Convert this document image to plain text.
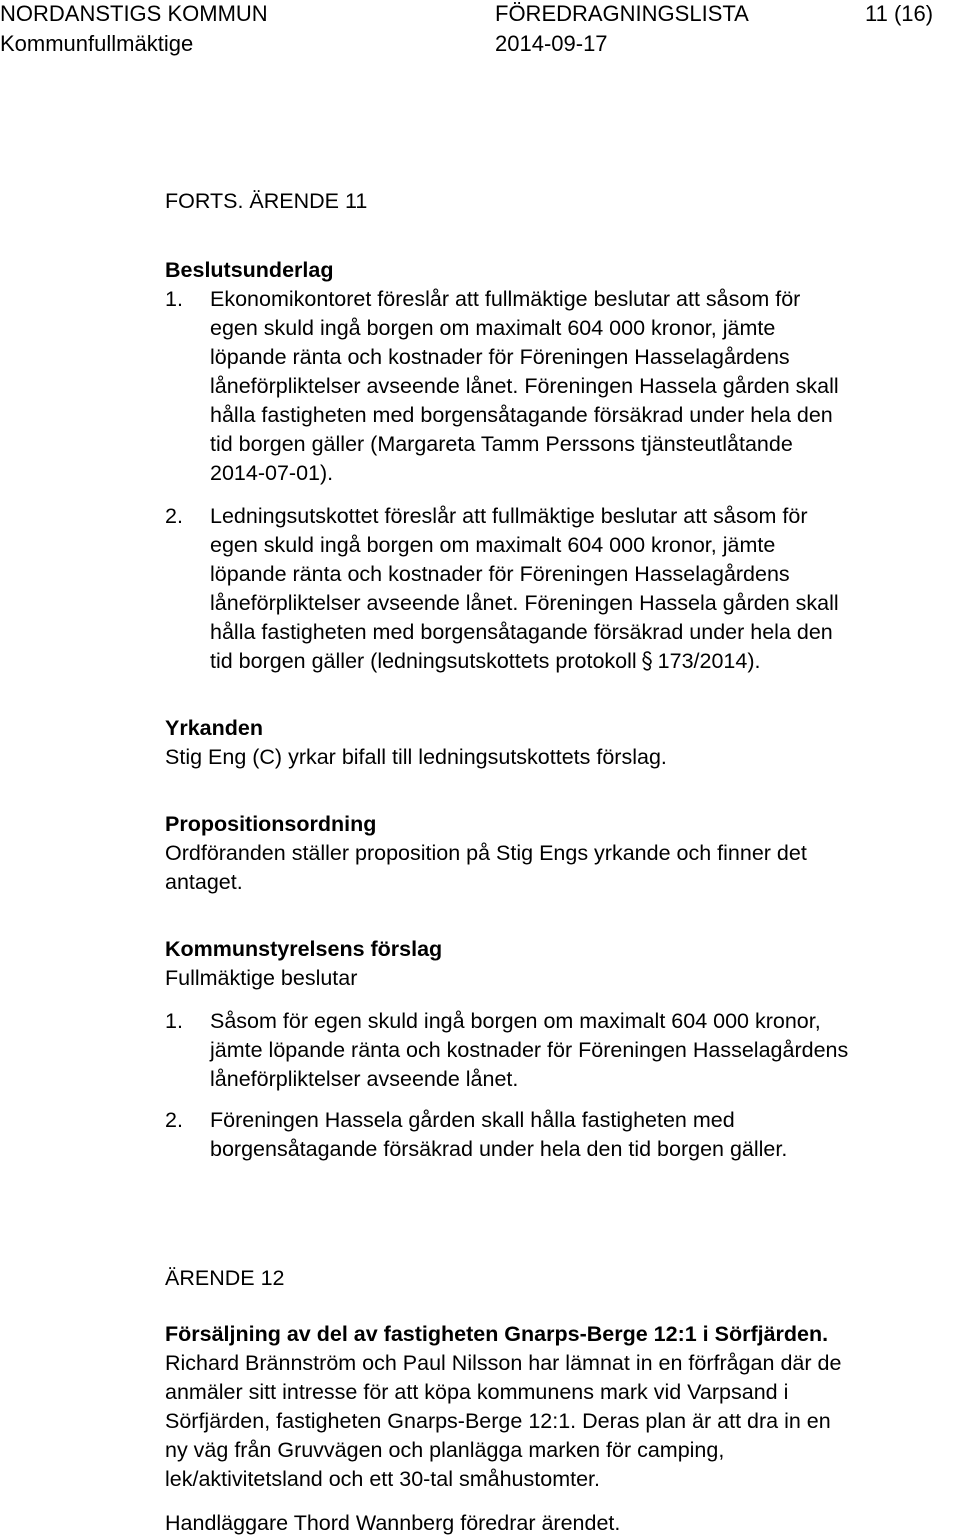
NORDANSTIGS KOMMUN	FÖREDRAGNINGSLISTA	11 (16)
Kommunfullmäktige	2014-09-17
FORTS. ÄRENDE 11
Beslutsunderlag
1. Ekonomikontoret föreslår att fullmäktige beslutar att såsom för
egen skuld ingå borgen om maximalt 604 000 kronor, jämte
löpande ränta och kostnader för Föreningen Hasselagårdens
låneförpliktelser avseende lånet. Föreningen Hassela gården skall
hålla fastigheten med borgensåtagande försäkrad under hela den
tid borgen gäller (Margareta Tamm Perssons tjänsteutlåtande
2014-07-01).
2. Ledningsutskottet föreslår att fullmäktige beslutar att såsom för
egen skuld ingå borgen om maximalt 604 000 kronor, jämte
löpande ränta och kostnader för Föreningen Hasselagårdens
låneförpliktelser avseende lånet. Föreningen Hassela gården skall
hålla fastigheten med borgensåtagande försäkrad under hela den
tid borgen gäller (ledningsutskottets protokoll 173/2014).
Yrkanden
Stig Eng (C) yrkar bifall till ledningsutskottets förslag.
Propositionsordning
Ordföranden ställer proposition på Stig Engs yrkande och finner det
antaget.
Kommunstyrelsens förslag
Fullmäktige beslutar
1. Såsom för egen skuld ingå borgen om maximalt 604 000 kronor,
jämte löpande ränta och kostnader för Föreningen Hasselagårdens
låneförpliktelser avseende lånet.
2. Föreningen Hassela gården skall hålla fastigheten med
borgensåtagande försäkrad under hela den tid borgen gäller.
ÄRENDE 12
Försäljning av del av fastigheten Gnarps-Berge 12:1 i Sörfjärden.
Richard Brännström och Paul Nilsson har lämnat in en förfrågan där de
anmäler sitt intresse för att köpa kommunens mark vid Varpsand i
Sörfjärden, fastigheten Gnarps-Berge 12:1. Deras plan är att dra in en
ny väg från Gruvvägen och planlägga marken för camping,
lek/aktivitetsland och ett 30-tal småhustomter.
Handläggare Thord Wannberg föredrar ärendet.
